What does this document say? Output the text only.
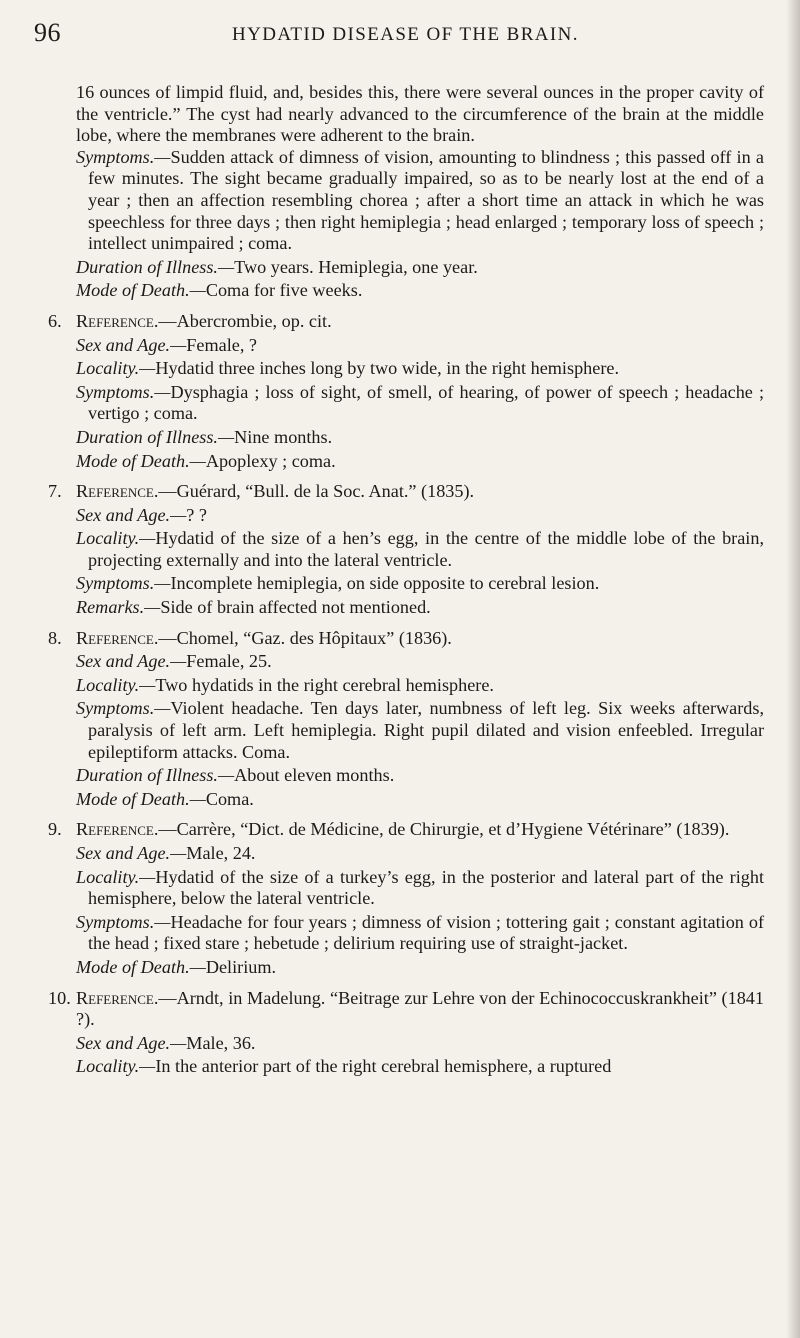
96	HYDATID DISEASE OF THE BRAIN.

16 ounces of limpid fluid, and, besides this, there were several ounces in the proper cavity of the ventricle.” The cyst had nearly advanced to the circumference of the brain at the middle lobe, where the membranes were adherent to the brain.

Symptoms.—Sudden attack of dimness of vision, amounting to blindness ; this passed off in a few minutes. The sight became gradually impaired, so as to be nearly lost at the end of a year ; then an affection resembling chorea ; after a short time an attack in which he was speechless for three days ; then right hemiplegia ; head enlarged ; temporary loss of speech ; intellect unimpaired ; coma.

Duration of Illness.—Two years. Hemiplegia, one year.

Mode of Death.—Coma for five weeks.

6. Reference.—Abercrombie, op. cit.

Sex and Age.—Female, ?

Locality.—Hydatid three inches long by two wide, in the right hemisphere.

Symptoms.—Dysphagia ; loss of sight, of smell, of hearing, of power of speech ; headache ; vertigo ; coma.

Duration of Illness.—Nine months.

Mode of Death.—Apoplexy ; coma.

7. Reference.—Guérard, “Bull. de la Soc. Anat.” (1835).

Sex and Age.—? ?

Locality.—Hydatid of the size of a hen’s egg, in the centre of the middle lobe of the brain, projecting externally and into the lateral ventricle.

Symptoms.—Incomplete hemiplegia, on side opposite to cerebral lesion.

Remarks.—Side of brain affected not mentioned.

8. Reference.—Chomel, “Gaz. des Hôpitaux” (1836).

Sex and Age.—Female, 25.

Locality.—Two hydatids in the right cerebral hemisphere.

Symptoms.—Violent headache. Ten days later, numbness of left leg. Six weeks afterwards, paralysis of left arm. Left hemiplegia. Right pupil dilated and vision enfeebled. Irregular epileptiform attacks. Coma.

Duration of Illness.—About eleven months.

Mode of Death.—Coma.

9. Reference.—Carrère, “Dict. de Médicine, de Chirurgie, et d’Hygiene Vétérinare” (1839).

Sex and Age.—Male, 24.

Locality.—Hydatid of the size of a turkey’s egg, in the posterior and lateral part of the right hemisphere, below the lateral ventricle.

Symptoms.—Headache for four years ; dimness of vision ; tottering gait ; constant agitation of the head ; fixed stare ; hebetude ; delirium requiring use of straight-jacket.

Mode of Death.—Delirium.

10. Reference.—Arndt, in Madelung. “Beitrage zur Lehre von der Echinococcuskrankheit” (1841 ?).

Sex and Age.—Male, 36.

Locality.—In the anterior part of the right cerebral hemisphere, a ruptured
